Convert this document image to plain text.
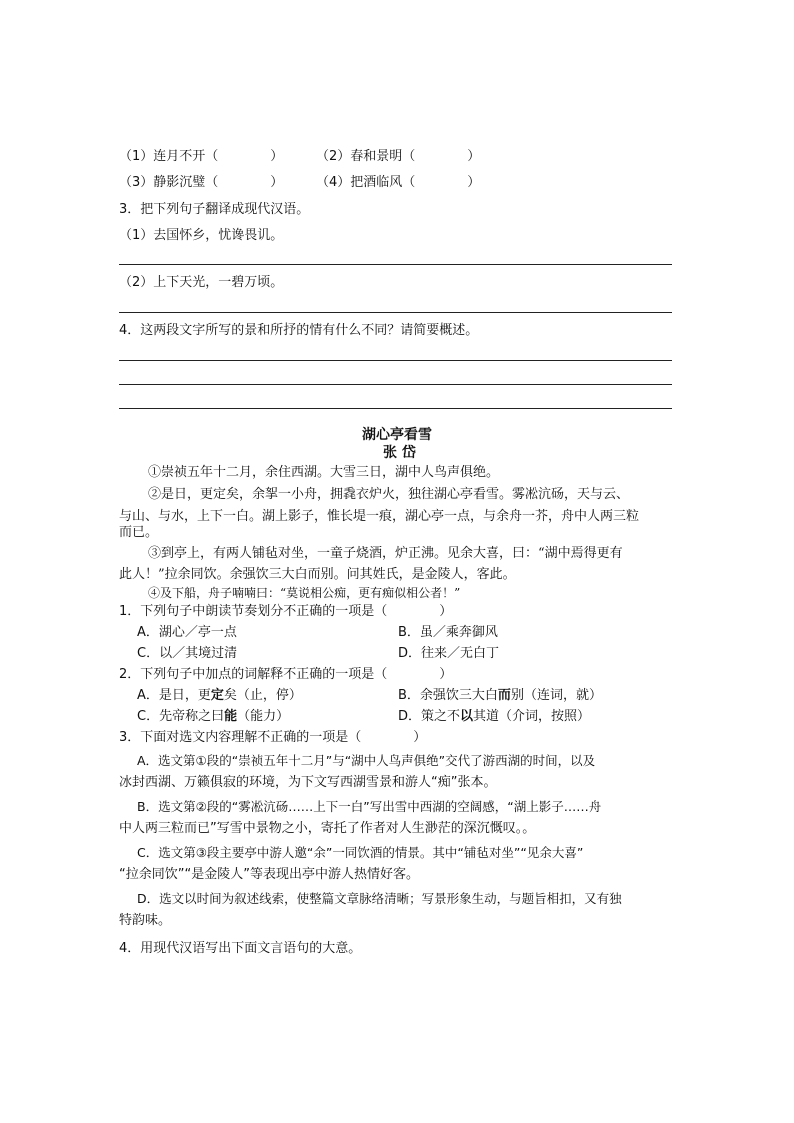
（1）连月不开（　　　　）	（2）春和景明（　　　　）
（3）静影沉璧（　　　　）	（4）把酒临风（　　　　）
3．把下列句子翻译成现代汉语。
（1）去国怀乡，忧谗畏讥。
（2）上下天光，一碧万顷。
4．这两段文字所写的景和所抒的情有什么不同？请简要概述。
湖心亭看雪
张 岱
①崇祯五年十二月，余住西湖。大雪三日，湖中人鸟声俱绝。
②是日，更定矣，余挐一小舟，拥毳衣炉火，独往湖心亭看雪。雾凇沆砀，天与云、
与山、与水，上下一白。湖上影子，惟长堤一痕，湖心亭一点，与余舟一芥，舟中人两三粒
而已。
③到亭上，有两人铺毡对坐，一童子烧酒，炉正沸。见余大喜，曰：“湖中焉得更有
此人！”拉余同饮。余强饮三大白而别。问其姓氏，是金陵人，客此。
④及下船，舟子喃喃曰：“莫说相公痴，更有痴似相公者！”
1．下列句子中朗读节奏划分不正确的一项是（　　　　）
A．湖心／亭一点	B．虽／乘奔御风
C．以／其境过清	D．往来／无白丁
2．下列句子中加点的词解释不正确的一项是（　　　　）
A．是日，更定矣（止，停）	B．余强饮三大白而别（连词，就）
C．先帝称之曰能（能力）	D．策之不以其道（介词，按照）
3．下面对选文内容理解不正确的一项是（　　　　）
A．选文第①段的“崇祯五年十二月”与“湖中人鸟声俱绝”交代了游西湖的时间，以及
冰封西湖、万籁俱寂的环境，为下文写西湖雪景和游人“痴”张本。
B．选文第②段的“雾凇沆砀……上下一白”写出雪中西湖的空阔感，“湖上影子……舟
中人两三粒而已”写雪中景物之小，寄托了作者对人生渺茫的深沉慨叹。。
C．选文第③段主要亭中游人邀“余”一同饮酒的情景。其中“铺毡对坐”“见余大喜”
“拉余同饮”“是金陵人”等表现出亭中游人热情好客。
D．选文以时间为叙述线索，使整篇文章脉络清晰；写景形象生动，与题旨相扣，又有独
特韵味。
4．用现代汉语写出下面文言语句的大意。
